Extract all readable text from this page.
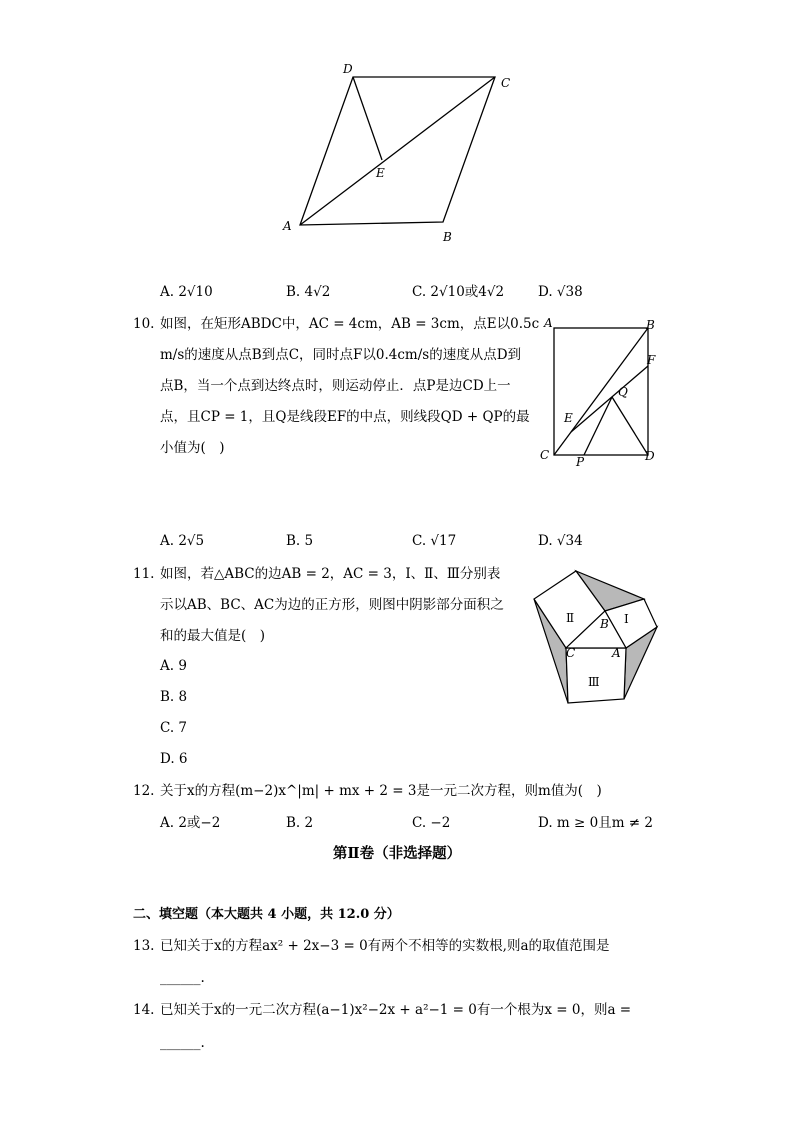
D
C
E
A
B
A. 2√10	B. 4√2	C. 2√10或4√2	D. √38
10. 如图，在矩形ABDC中，AC = 4cm，AB = 3cm，点E以0.5c
m/s的速度从点B到点C，同时点F以0.4cm/s的速度从点D到
点B，当一个点到达终点时，则运动停止．点P是边CD上一
点，且CP = 1，且Q是线段EF的中点，则线段QD + QP的最
小值为(　)
A	B
F
Q
E
C P	D
A. 2√5	B. 5	C. √17	D. √34
11. 如图，若△ABC的边AB = 2，AC = 3，Ⅰ、Ⅱ、Ⅲ分别表
示以AB、BC、AC为边的正方形，则图中阴影部分面积之
和的最大值是(　)
A. 9
B. 8
C. 7
D. 6
Ⅱ	Ⅰ
Ⅲ
B
C	A
12. 关于x的方程(m−2)x^|m| + mx + 2 = 3是一元二次方程，则m值为(　)
A. 2或−2	B. 2	C. −2	D. m ≥ 0且m ≠ 2
第Ⅱ卷（非选择题）
二、填空题（本大题共 4 小题，共 12.0 分）
13. 已知关于x的方程ax² + 2x−3 = 0有两个不相等的实数根,则a的取值范围是
______.
14. 已知关于x的一元二次方程(a−1)x²−2x + a²−1 = 0有一个根为x = 0，则a =
______.
